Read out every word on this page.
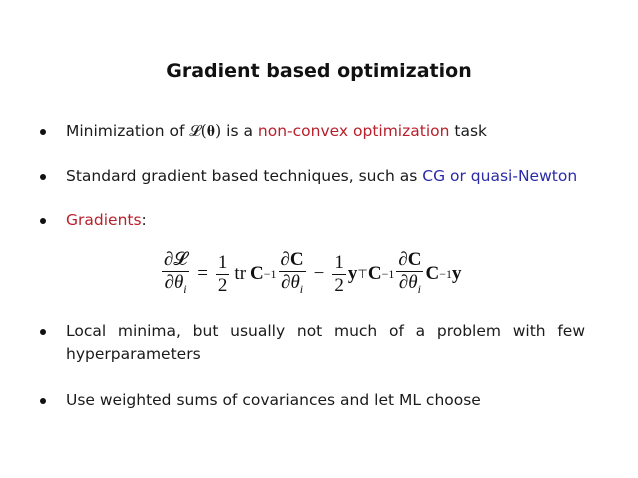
Gradient based optimization
Minimization of 𝓛(𝛉) is a non-convex optimization task
Standard gradient based techniques, such as CG or quasi-Newton
Gradients:
$\frac{\text{∂𝓛}}{\partial\theta_i} = \frac{1}{2}$ tr $C -1 \frac{\partial C}{\partial\theta_i} - \frac{1}{2}$ y ⊤ $C -1 \frac{\partial C}{\partial\theta_i}$ C −1 y
Local minima, but usually not much of a problem with few hyperparameters
Use weighted sums of covariances and let ML choose
